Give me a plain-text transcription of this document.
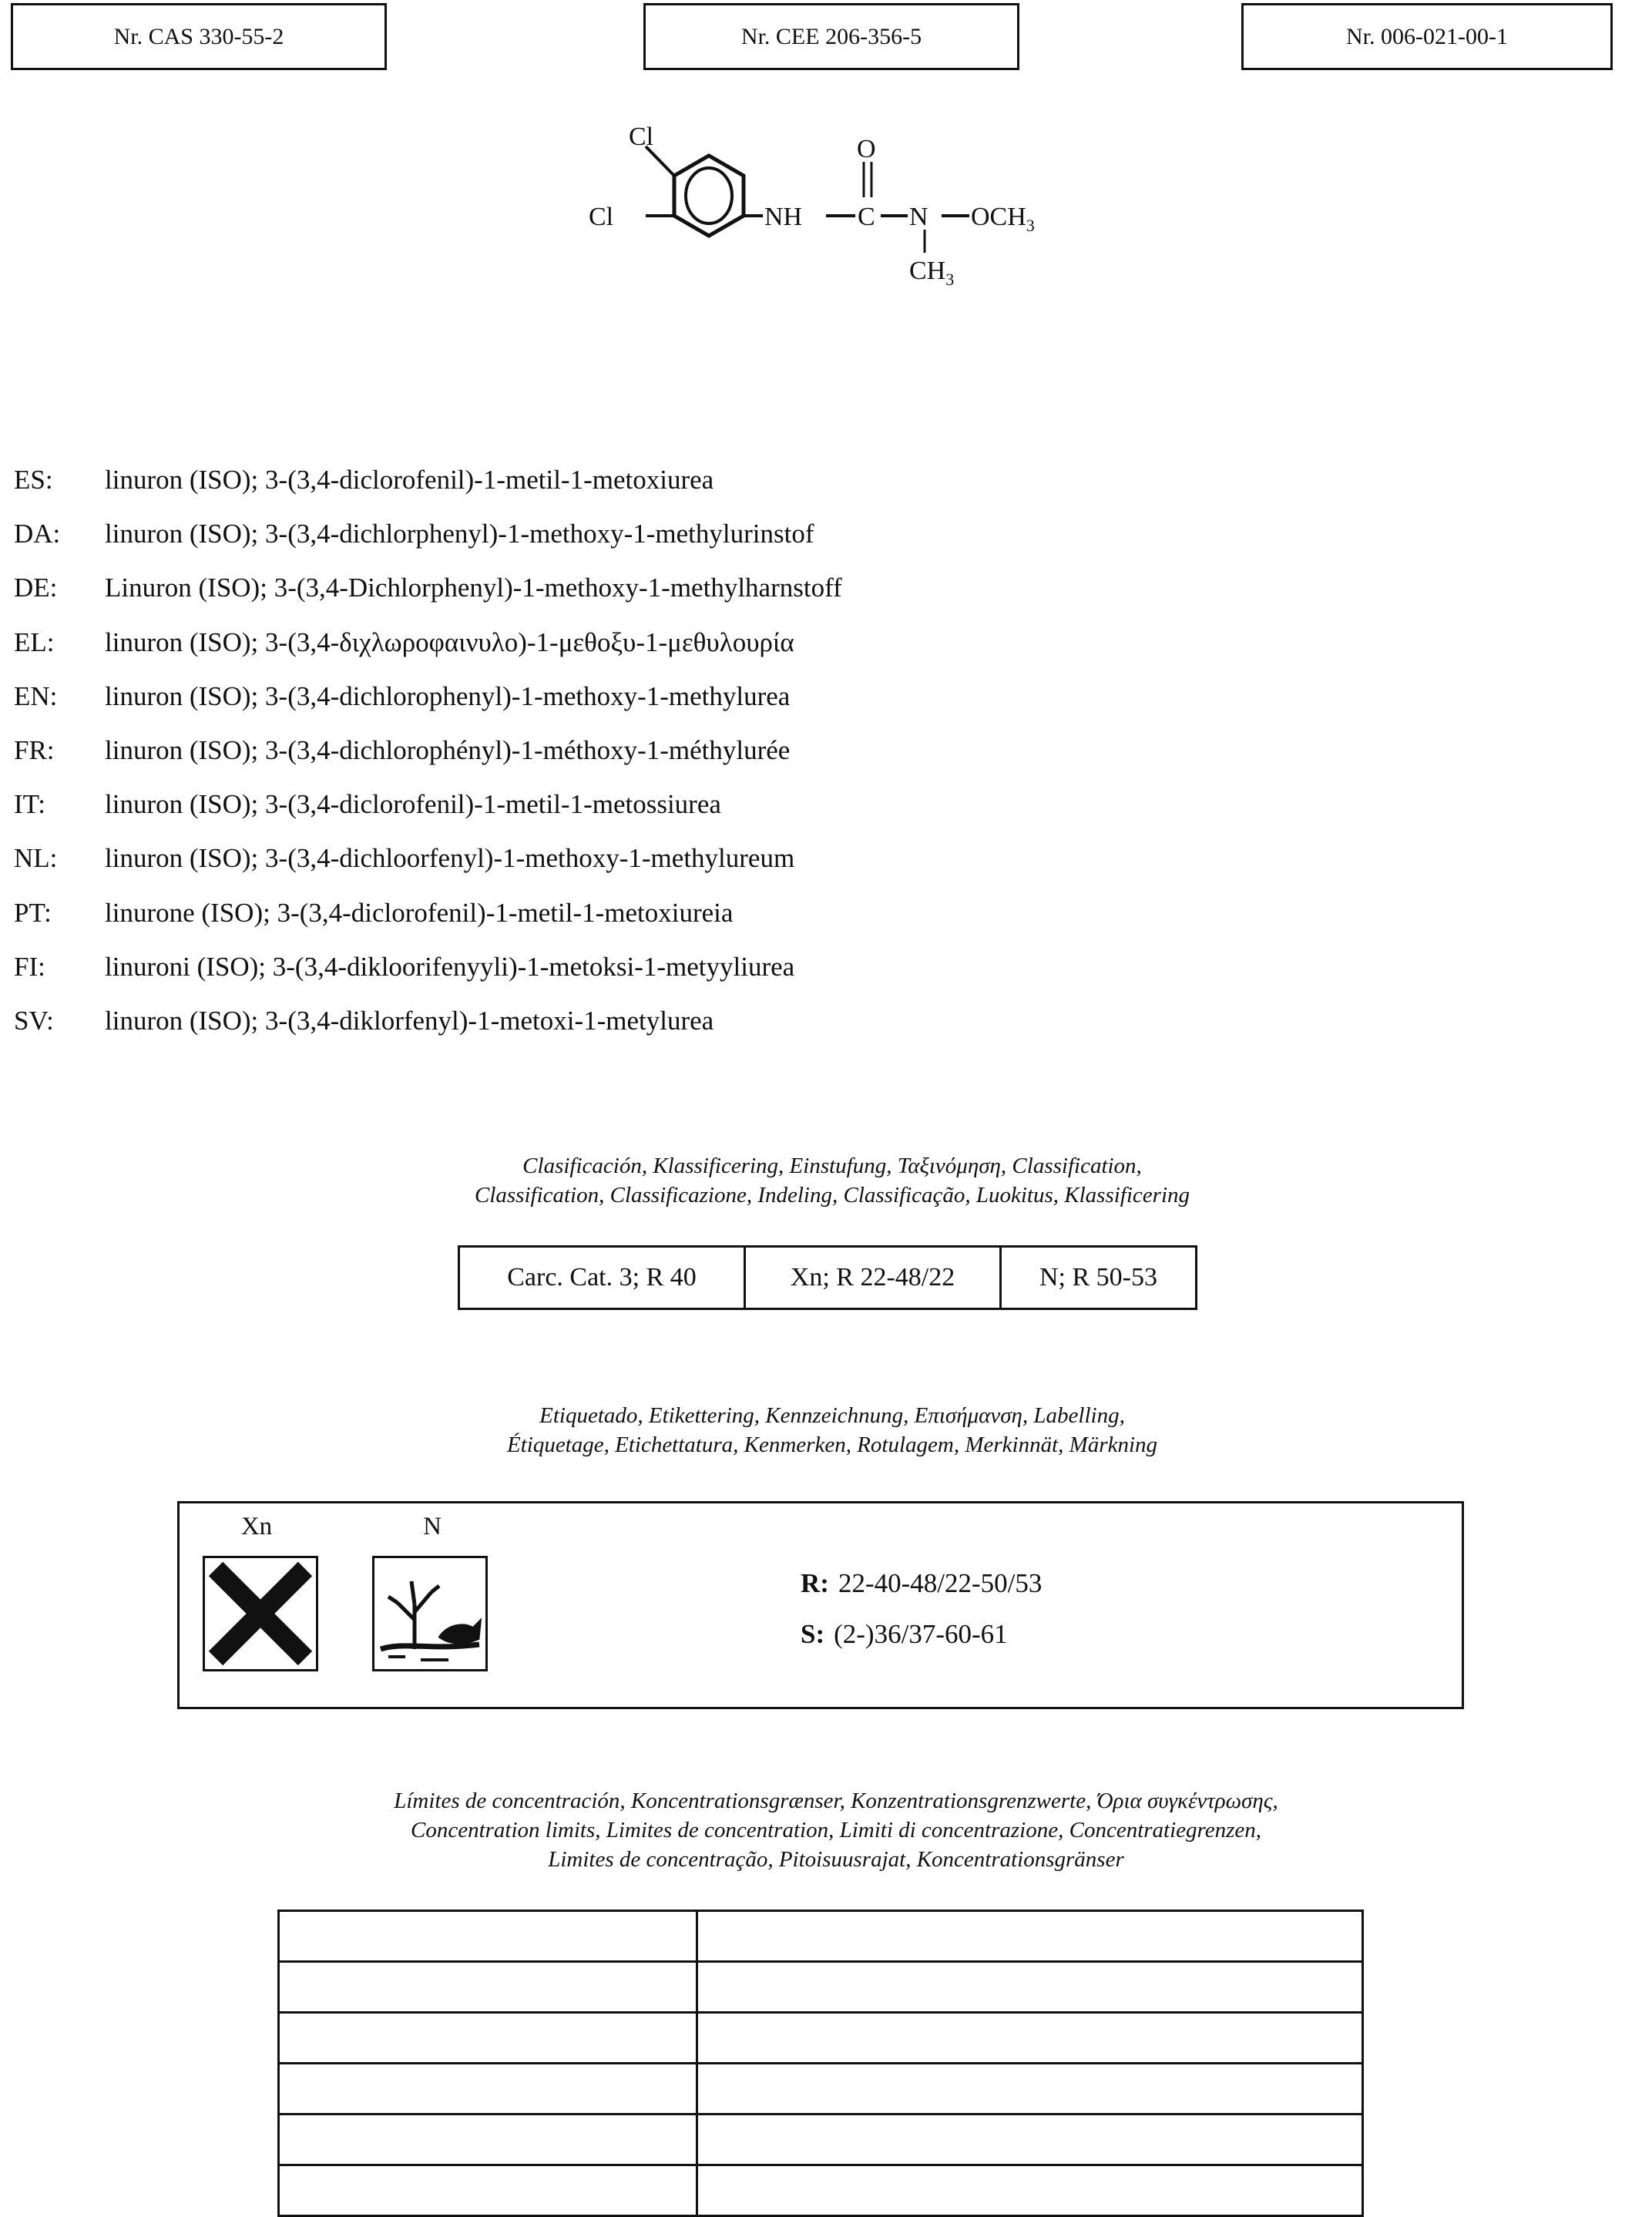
Nr. CAS 330-55-2	Nr. CEE 206-356-5	Nr. 006-021-00-1
Cl
Cl	NH C
O
N $OCH_3$
$CH_3$
ES:	linuron (ISO); 3-(3,4-diclorofenil)-1-metil-1-metoxiurea
DA:	linuron (ISO); 3-(3,4-dichlorphenyl)-1-methoxy-1-methylurinstof
DE:	Linuron (ISO); 3-(3,4-Dichlorphenyl)-1-methoxy-1-methylharnstoff
EL:	linuron (ISO); 3-(3,4-διχλωροφαινυλο)-1-μεθοξυ-1-μεθυλουρία
EN:	linuron (ISO); 3-(3,4-dichlorophenyl)-1-methoxy-1-methylurea
FR:	linuron (ISO); 3-(3,4-dichlorophényl)-1-méthoxy-1-méthylurée
IT:	linuron (ISO); 3-(3,4-diclorofenil)-1-metil-1-metossiurea
NL:	linuron (ISO); 3-(3,4-dichloorfenyl)-1-methoxy-1-methylureum
PT:	linurone (ISO); 3-(3,4-diclorofenil)-1-metil-1-metoxiureia
FI:	linuroni (ISO); 3-(3,4-dikloorifenyyli)-1-metoksi-1-metyyliurea
SV:	linuron (ISO); 3-(3,4-diklorfenyl)-1-metoxi-1-metylurea
Clasificación, Klassificering, Einstufung, Ταξινόμηση, Classification,
Classification, Classificazione, Indeling, Classificação, Luokitus, Klassificering
Carc. Cat. 3; R 40	Xn; R 22-48/22	N; R 50-53
Etiquetado, Etikettering, Kennzeichnung, Επισήμανση, Labelling,
Étiquetage, Etichettatura, Kenmerken, Rotulagem, Merkinnät, Märkning
Xn	N
R: 22-40-48/22-50/53
S: (2-)36/37-60-61
Límites de concentración, Koncentrationsgrænser, Konzentrationsgrenzwerte, Όρια συγκέντρωσης,
Concentration limits, Limites de concentration, Limiti di concentrazione, Concentratiegrenzen,
Limites de concentração, Pitoisuusrajat, Koncentrationsgränser
